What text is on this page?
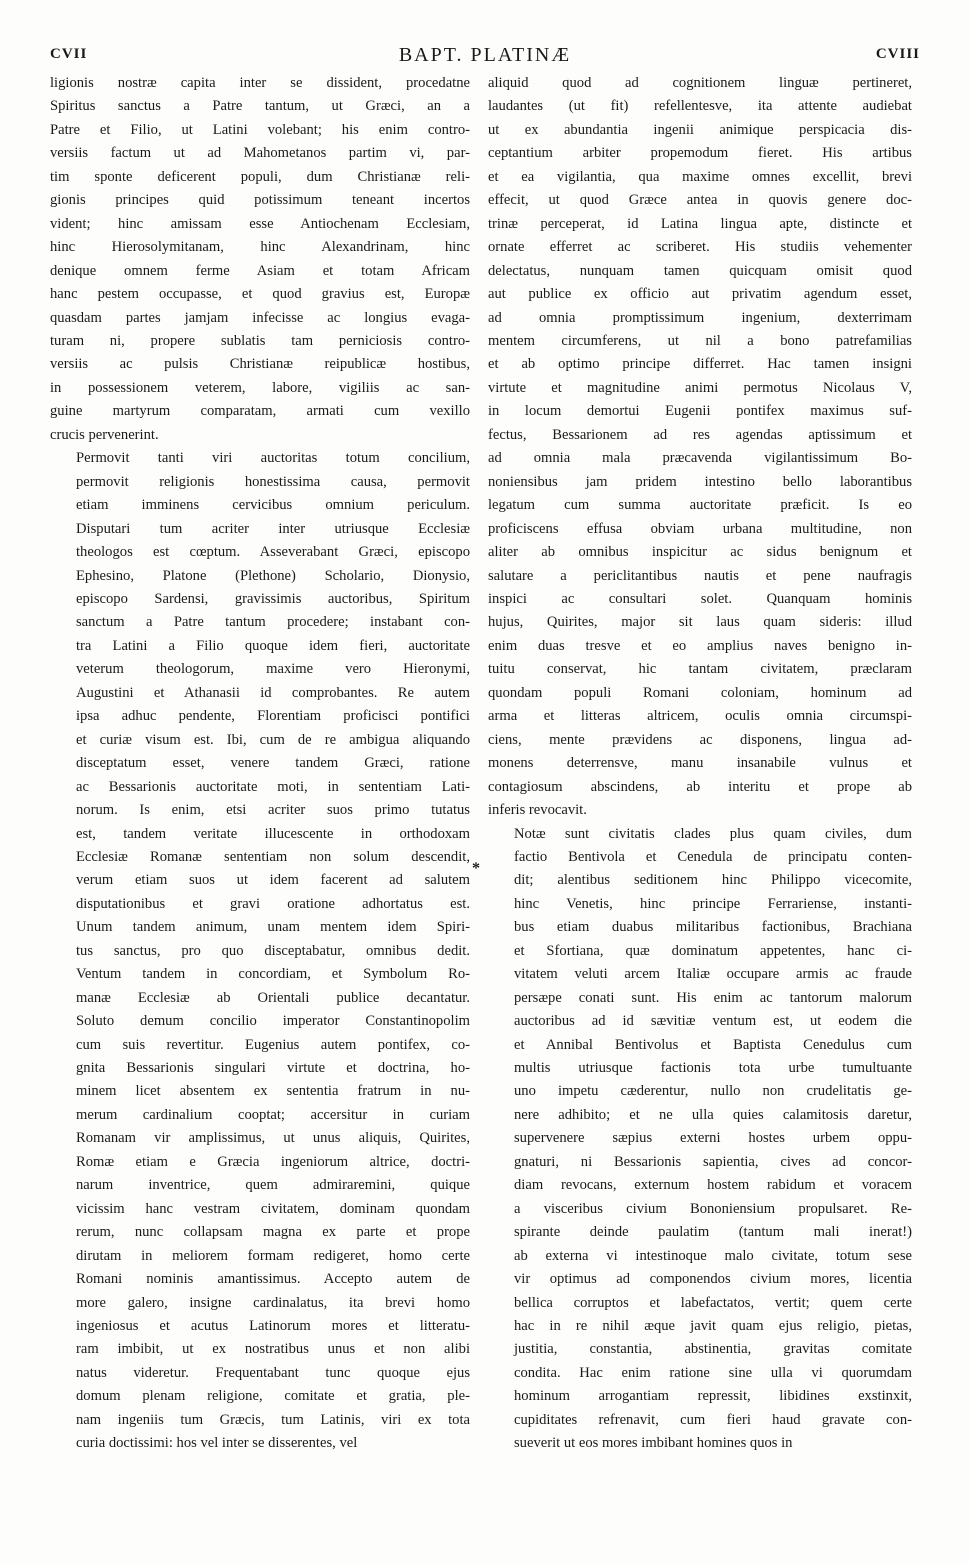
CVII	BAPT. PLATINÆ	CVIII

ligionis nostræ capita inter se dissident, procedatne
Spiritus sanctus a Patre tantum, ut Græci, an a
Patre et Filio, ut Latini volebant; his enim contro-
versiis factum ut ad Mahometanos partim vi, par-
tim sponte deficerent populi, dum Christianæ reli-
gionis principes quid potissimum teneant incertos
vident; hinc amissam esse Antiochenam Ecclesiam,
hinc Hierosolymitanam, hinc Alexandrinam, hinc
denique omnem ferme Asiam et totam Africam
hanc pestem occupasse, et quod gravius est, Europæ
quasdam partes jamjam infecisse ac longius evaga-
turam ni, propere sublatis tam perniciosis contro-
versiis ac pulsis Christianæ reipublicæ hostibus,
in possessionem veterem, labore, vigiliis ac san-
guine martyrum comparatam, armati cum vexillo
crucis pervenerint.

Permovit tanti viri auctoritas totum concilium,
permovit religionis honestissima causa, permovit
etiam imminens cervicibus omnium periculum.
Disputari tum acriter inter utriusque Ecclesiæ
theologos est cœptum. Asseverabant Græci, episcopo
Ephesino, Platone (Plethone) Scholario, Dionysio,
episcopo Sardensi, gravissimis auctoribus, Spiritum
sanctum a Patre tantum procedere; instabant con-
tra Latini a Filio quoque idem fieri, auctoritate
veterum theologorum, maxime vero Hieronymi,
Augustini et Athanasii id comprobantes. Re autem
ipsa adhuc pendente, Florentiam proficisci pontifici
et curiæ visum est. Ibi, cum de re ambigua aliquando
disceptatum esset, venere tandem Græci, ratione
ac Bessarionis auctoritate moti, in sententiam Lati-
norum. Is enim, etsi acriter suos primo tutatus
est, tandem veritate illucescente in orthodoxam
Ecclesiæ Romanæ sententiam non solum descendit,
verum etiam suos ut idem facerent ad salutem
disputationibus et gravi oratione adhortatus est.
Unum tandem animum, unam mentem idem Spiri-
tus sanctus, pro quo disceptabatur, omnibus dedit.
Ventum tandem in concordiam, et Symbolum Ro-
manæ Ecclesiæ ab Orientali publice decantatur.
Soluto demum concilio imperator Constantinopolim
cum suis revertitur. Eugenius autem pontifex, co-
gnita Bessarionis singulari virtute et doctrina, ho-
minem licet absentem ex sententia fratrum in nu-
merum cardinalium cooptat; accersitur in curiam
Romanam vir amplissimus, ut unus aliquis, Quirites,
Romæ etiam e Græcia ingeniorum altrice, doctri-
narum inventrice, quem admiraremini, quique
vicissim hanc vestram civitatem, dominam quondam
rerum, nunc collapsam magna ex parte et prope
dirutam in meliorem formam redigeret, homo certe
Romani nominis amantissimus. Accepto autem de
more galero, insigne cardinalatus, ita brevi homo
ingeniosus et acutus Latinorum mores et litteratu-
ram imbibit, ut ex nostratibus unus et non alibi
natus videretur. Frequentabant tunc quoque ejus
domum plenam religione, comitate et gratia, ple-
nam ingeniis tum Græcis, tum Latinis, viri ex tota
curia doctissimi: hos vel inter se disserentes, vel

aliquid quod ad cognitionem linguæ pertineret,
laudantes (ut fit) refellentesve, ita attente audiebat
ut ex abundantia ingenii animique perspicacia dis-
ceptantium arbiter propemodum fieret. His artibus
et ea vigilantia, qua maxime omnes excellit, brevi
effecit, ut quod Græce antea in quovis genere doc-
trinæ perceperat, id Latina lingua apte, distincte et
ornate efferret ac scriberet. His studiis vehementer
delectatus, nunquam tamen quicquam omisit quod
aut publice ex officio aut privatim agendum esset,
ad omnia promptissimum ingenium, dexterrimam
mentem circumferens, ut nil a bono patrefamilias
et ab optimo principe differret. Hac tamen insigni
virtute et magnitudine animi permotus Nicolaus V,
in locum demortui Eugenii pontifex maximus suf-
fectus, Bessarionem ad res agendas aptissimum et
ad omnia mala præcavenda vigilantissimum Bo-
noniensibus jam pridem intestino bello laborantibus
legatum cum summa auctoritate præficit. Is eo
proficiscens effusa obviam urbana multitudine, non
aliter ab omnibus inspicitur ac sidus benignum et
salutare a periclitantibus nautis et pene naufragis
inspici ac consultari solet. Quanquam hominis
hujus, Quirites, major sit laus quam sideris: illud
enim duas tresve et eo amplius naves benigno in-
tuitu conservat, hic tantam civitatem, præclaram
quondam populi Romani coloniam, hominum ad
arma et litteras altricem, oculis omnia circumspi-
ciens, mente prævidens ac disponens, lingua ad-
monens deterrensve, manu insanabile vulnus et
contagiosum abscindens, ab interitu et prope ab
inferis revocavit.

Notæ sunt civitatis clades plus quam civiles, dum
factio Bentivola et Cenedula de principatu conten-
dit; alentibus seditionem hinc Philippo vicecomite,
hinc Venetis, hinc principe Ferrariense, instanti-
bus etiam duabus militaribus factionibus, Brachiana
et Sfortiana, quæ dominatum appetentes, hanc ci-
vitatem veluti arcem Italiæ occupare armis ac fraude
persæpe conati sunt. His enim ac tantorum malorum
auctoribus ad id sævitiæ ventum est, ut eodem die
et Annibal Bentivolus et Baptista Cenedulus cum
multis utriusque factionis tota urbe tumultuante
uno impetu cæderentur, nullo non crudelitatis ge-
nere adhibito; et ne ulla quies calamitosis daretur,
supervenere sæpius externi hostes urbem oppu-
gnaturi, ni Bessarionis sapientia, cives ad concor-
diam revocans, externum hostem rabidum et voracem
a visceribus civium Bononiensium propulsaret. Re-
spirante deinde paulatim (tantum mali inerat!)
ab externa vi intestinoque malo civitate, totum sese
vir optimus ad componendos civium mores, licentia
bellica corruptos et labefactatos, vertit; quem certe
hac in re nihil æque javit quam ejus religio, pietas,
justitia, constantia, abstinentia, gravitas comitate
condita. Hac enim ratione sine ulla vi quorumdam
hominum arrogantiam repressit, libidines exstinxit,
cupiditates refrenavit, cum fieri haud gravate con-
sueverit ut eos mores imbibant homines quos in

*
